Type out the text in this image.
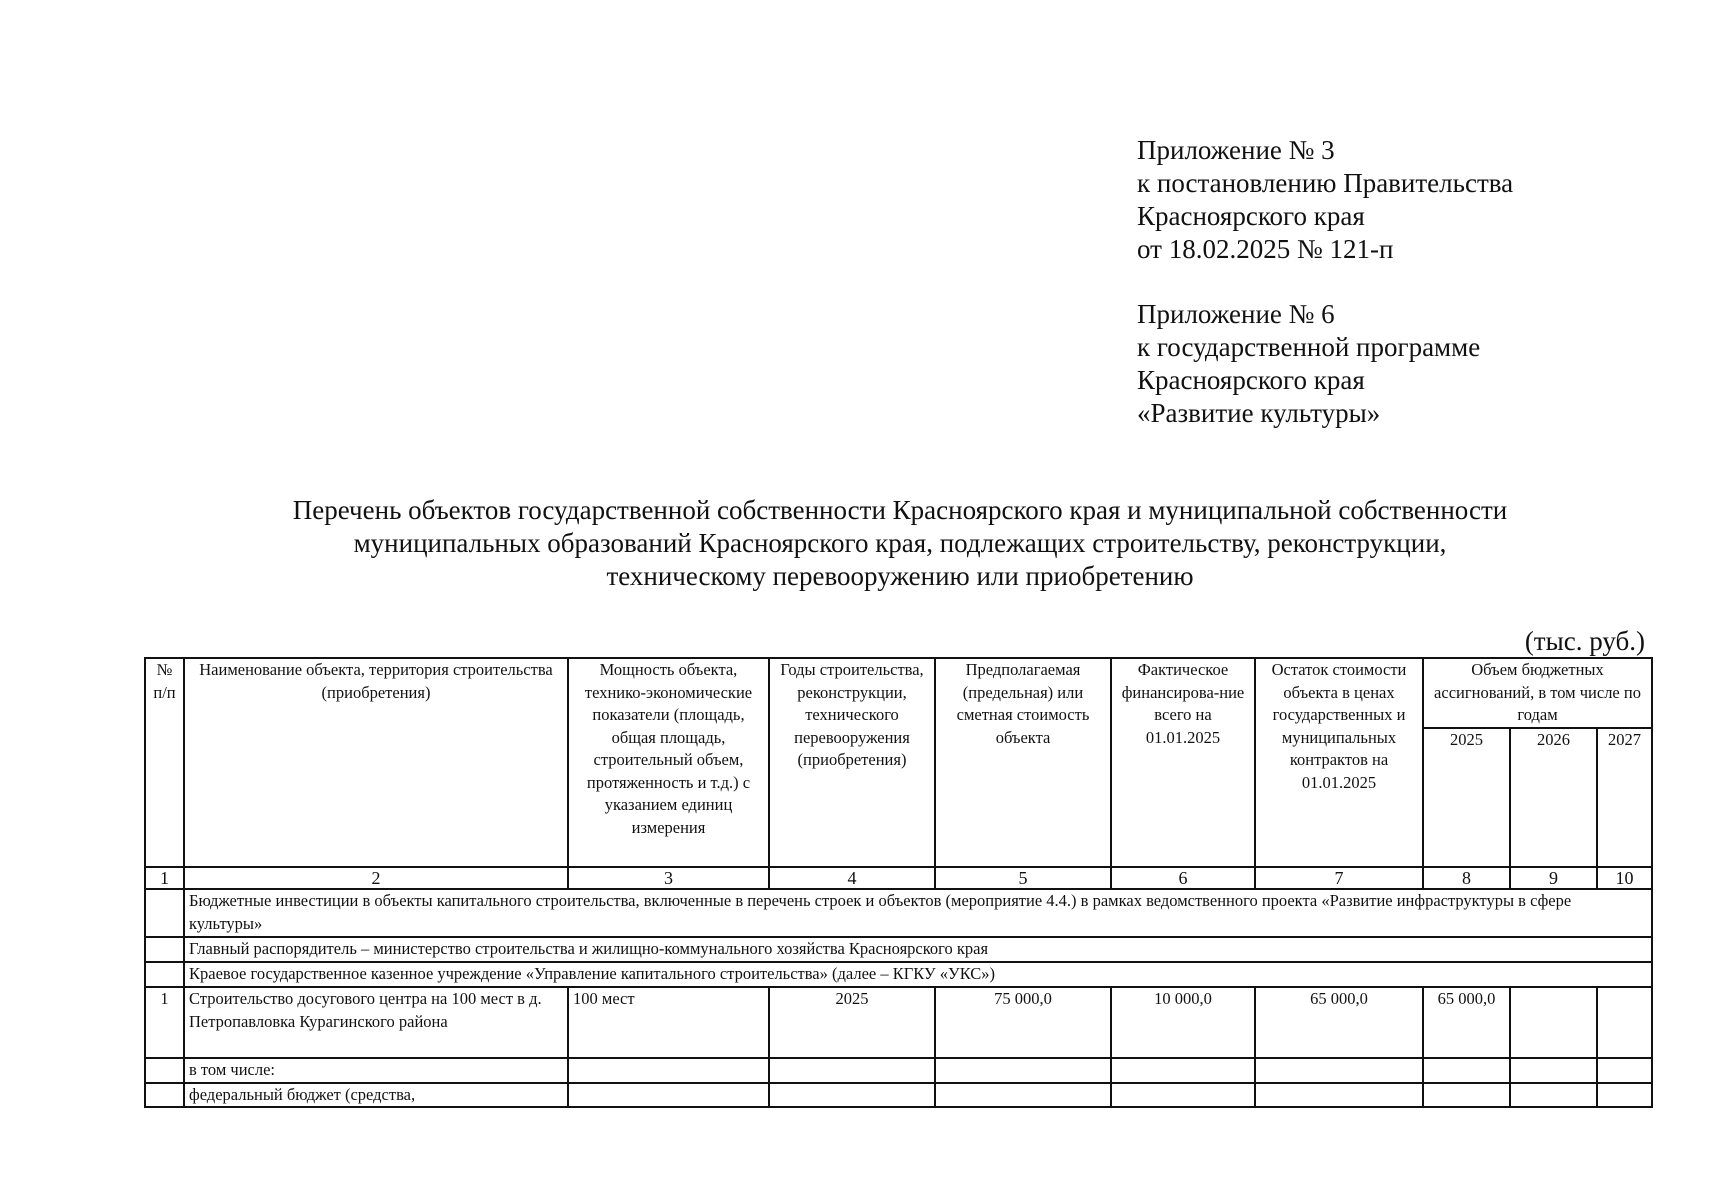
Приложение № 3
к постановлению Правительства
Красноярского края
от 18.02.2025 № 121-п
Приложение № 6
к государственной программе
Красноярского края
«Развитие культуры»
Перечень объектов государственной собственности Красноярского края и муниципальной собственности
муниципальных образований Красноярского края, подлежащих строительству, реконструкции,
техническому перевооружению или приобретению
(тыс. руб.)
№ п/п	Наименование объекта, территория строительства (приобретения)	Мощность объекта, технико-экономические показатели (площадь, общая площадь, строительный объем, протяженность и т.д.) с указанием единиц измерения	Годы строительства, реконструкции, технического перевооружения (приобретения)	Предполагаемая (предельная) или сметная стоимость объекта	Фактическое финансирова-ние всего на 01.01.2025	Остаток стоимости объекта в ценах государственных и муниципальных контрактов на 01.01.2025	Объем бюджетных ассигнований, в том числе по годам		
							2025	2026	2027
1	2	3	4	5	6	7	8	9	10
	Бюджетные инвестиции в объекты капитального строительства, включенные в перечень строек и объектов (мероприятие 4.4.) в рамках ведомственного проекта «Развитие инфраструктуры в сфере культуры»								
	Главный распорядитель – министерство строительства и жилищно-коммунального хозяйства Красноярского края								
	Краевое государственное казенное учреждение «Управление капитального строительства» (далее – КГКУ «УКС»)								
1	Строительство досугового центра на 100 мест в д. Петропавловка Курагинского района	100 мест	2025	75 000,0	10 000,0	65 000,0	65 000,0		
	в том числе:								
	федеральный бюджет (средства,								
